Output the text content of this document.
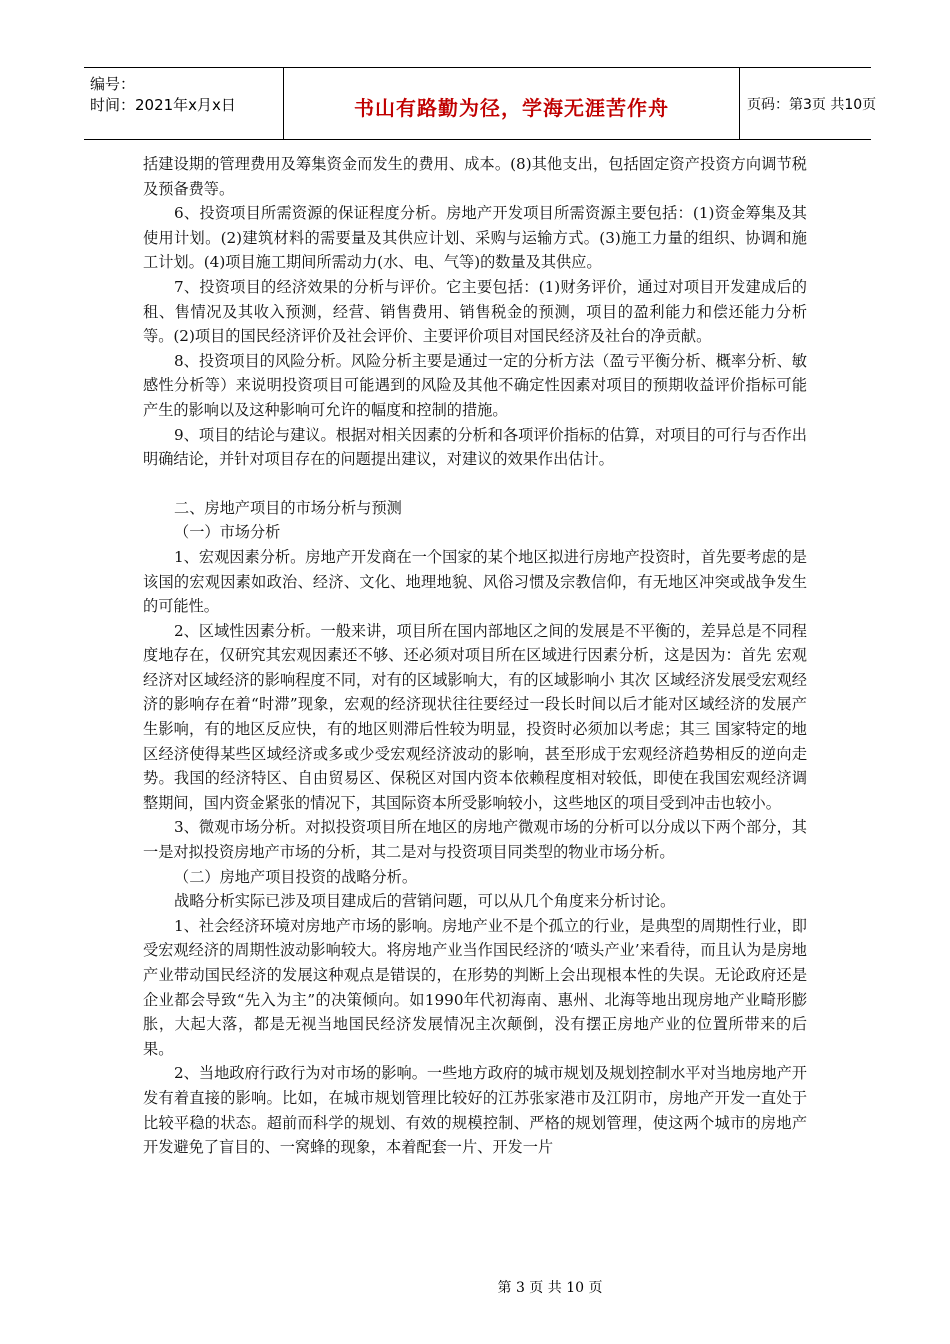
编号：
时间：2021年x月x日	书山有路勤为径，学海无涯苦作舟	页码：第3页 共10页

括建设期的管理费用及筹集资金而发生的费用、成本。(8)其他支出，包括固定资产投资方向调节税及预备费等。

6、投资项目所需资源的保证程度分析。房地产开发项目所需资源主要包括：(1)资金筹集及其使用计划。(2)建筑材料的需要量及其供应计划、采购与运输方式。(3)施工力量的组织、协调和施工计划。(4)项目施工期间所需动力(水、电、气等)的数量及其供应。

7、投资项目的经济效果的分析与评价。它主要包括：(1)财务评价，通过对项目开发建成后的租、售情况及其收入预测，经营、销售费用、销售税金的预测，项目的盈利能力和偿还能力分析等。(2)项目的国民经济评价及社会评价、主要评价项目对国民经济及社台的净贡献。

8、投资项目的风险分析。风险分析主要是通过一定的分析方法（盈亏平衡分析、概率分析、敏感性分析等）来说明投资项目可能遇到的风险及其他不确定性因素对项目的预期收益评价指标可能产生的影响以及这种影响可允许的幅度和控制的措施。

9、项目的结论与建议。根据对相关因素的分析和各项评价指标的估算，对项目的可行与否作出明确结论，并针对项目存在的问题提出建议，对建议的效果作出估计。

二、房地产项目的市场分析与预测

（一）市场分析

1、宏观因素分析。房地产开发商在一个国家的某个地区拟进行房地产投资时，首先要考虑的是该国的宏观因素如政治、经济、文化、地理地貌、风俗习惯及宗教信仰，有无地区冲突或战争发生的可能性。

2、区域性因素分析。一般来讲，项目所在国内部地区之间的发展是不平衡的，差异总是不同程度地存在，仅研究其宏观因素还不够、还必须对项目所在区域进行因素分析，这是因为：首先 宏观经济对区域经济的影响程度不同，对有的区域影响大，有的区域影响小 其次 区域经济发展受宏观经济的影响存在着“时滞”现象，宏观的经济现状往往要经过一段长时间以后才能对区域经济的发展产生影响，有的地区反应快，有的地区则滞后性较为明显，投资时必须加以考虑；其三 国家特定的地区经济使得某些区域经济或多或少受宏观经济波动的影响，甚至形成于宏观经济趋势相反的逆向走势。我国的经济特区、自由贸易区、保税区对国内资本依赖程度相对较低，即使在我国宏观经济调整期间，国内资金紧张的情况下，其国际资本所受影响较小，这些地区的项目受到冲击也较小。

3、微观市场分析。对拟投资项目所在地区的房地产微观市场的分析可以分成以下两个部分，其一是对拟投资房地产市场的分析，其二是对与投资项目同类型的物业市场分析。

（二）房地产项目投资的战略分析。

战略分析实际已涉及项目建成后的营销问题，可以从几个角度来分析讨论。

1、社会经济环境对房地产市场的影响。房地产业不是个孤立的行业，是典型的周期性行业，即受宏观经济的周期性波动影响较大。将房地产业当作国民经济的‘喷头产业’来看待，而且认为是房地产业带动国民经济的发展这种观点是错误的，在形势的判断上会出现根本性的失误。无论政府还是企业都会导致“先入为主”的决策倾向。如1990年代初海南、惠州、北海等地出现房地产业畸形膨胀，大起大落，都是无视当地国民经济发展情况主次颠倒，没有摆正房地产业的位置所带来的后果。

2、当地政府行政行为对市场的影响。一些地方政府的城市规划及规划控制水平对当地房地产开发有着直接的影响。比如，在城市规划管理比较好的江苏张家港市及江阴市，房地产开发一直处于比较平稳的状态。超前而科学的规划、有效的规模控制、严格的规划管理，使这两个城市的房地产开发避免了盲目的、一窝蜂的现象，本着配套一片、开发一片

第 3 页 共 10 页
